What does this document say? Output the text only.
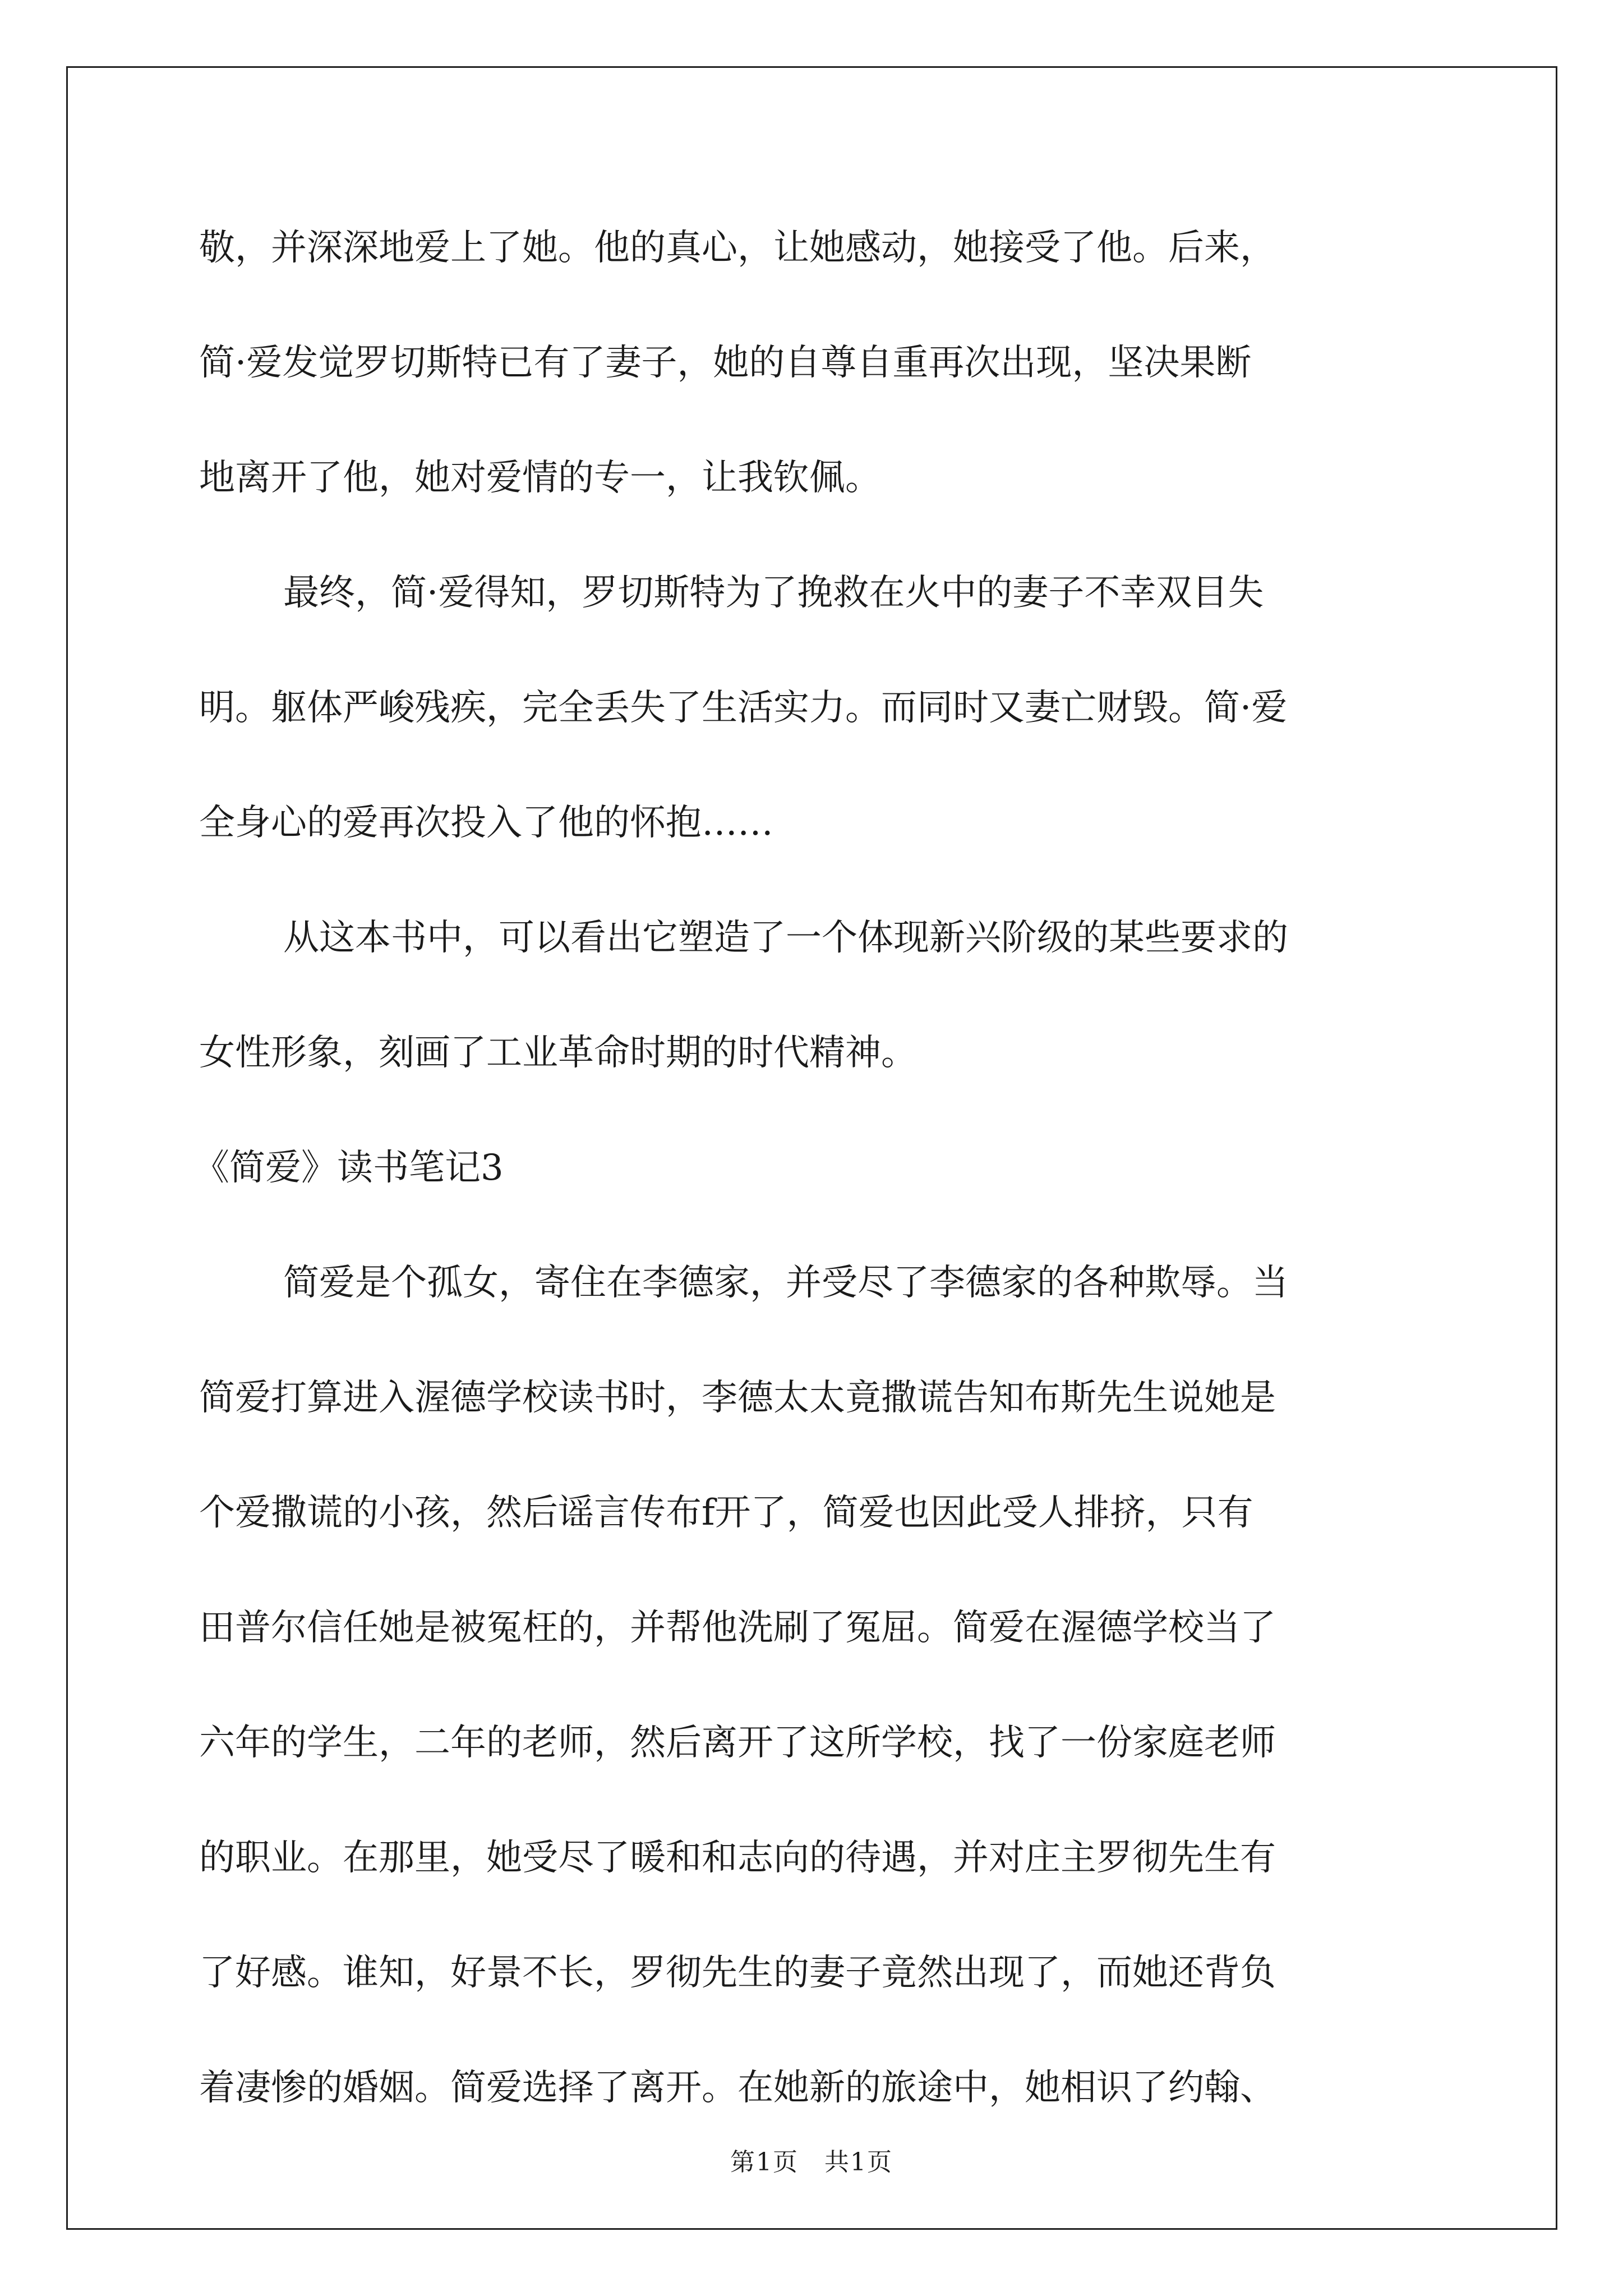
敬，并深深地爱上了她。他的真心，让她感动，她接受了他。后来，
简·爱发觉罗切斯特已有了妻子，她的自尊自重再次出现，坚决果断
地离开了他，她对爱情的专一，让我钦佩。
最终，简·爱得知，罗切斯特为了挽救在火中的妻子不幸双目失
明。躯体严峻残疾，完全丢失了生活实力。而同时又妻亡财毁。简·爱
全身心的爱再次投入了他的怀抱……
从这本书中，可以看出它塑造了一个体现新兴阶级的某些要求的
女性形象，刻画了工业革命时期的时代精神。
《简爱》读书笔记3
简爱是个孤女，寄住在李德家，并受尽了李德家的各种欺辱。当
简爱打算进入渥德学校读书时，李德太太竟撒谎告知布斯先生说她是
个爱撒谎的小孩，然后谣言传布f开了，简爱也因此受人排挤，只有
田普尔信任她是被冤枉的，并帮他洗刷了冤屈。简爱在渥德学校当了
六年的学生，二年的老师，然后离开了这所学校，找了一份家庭老师
的职业。在那里，她受尽了暖和和志向的待遇，并对庄主罗彻先生有
了好感。谁知，好景不长，罗彻先生的妻子竟然出现了，而她还背负
着凄惨的婚姻。简爱选择了离开。在她新的旅途中，她相识了约翰、
第1页　共1页
